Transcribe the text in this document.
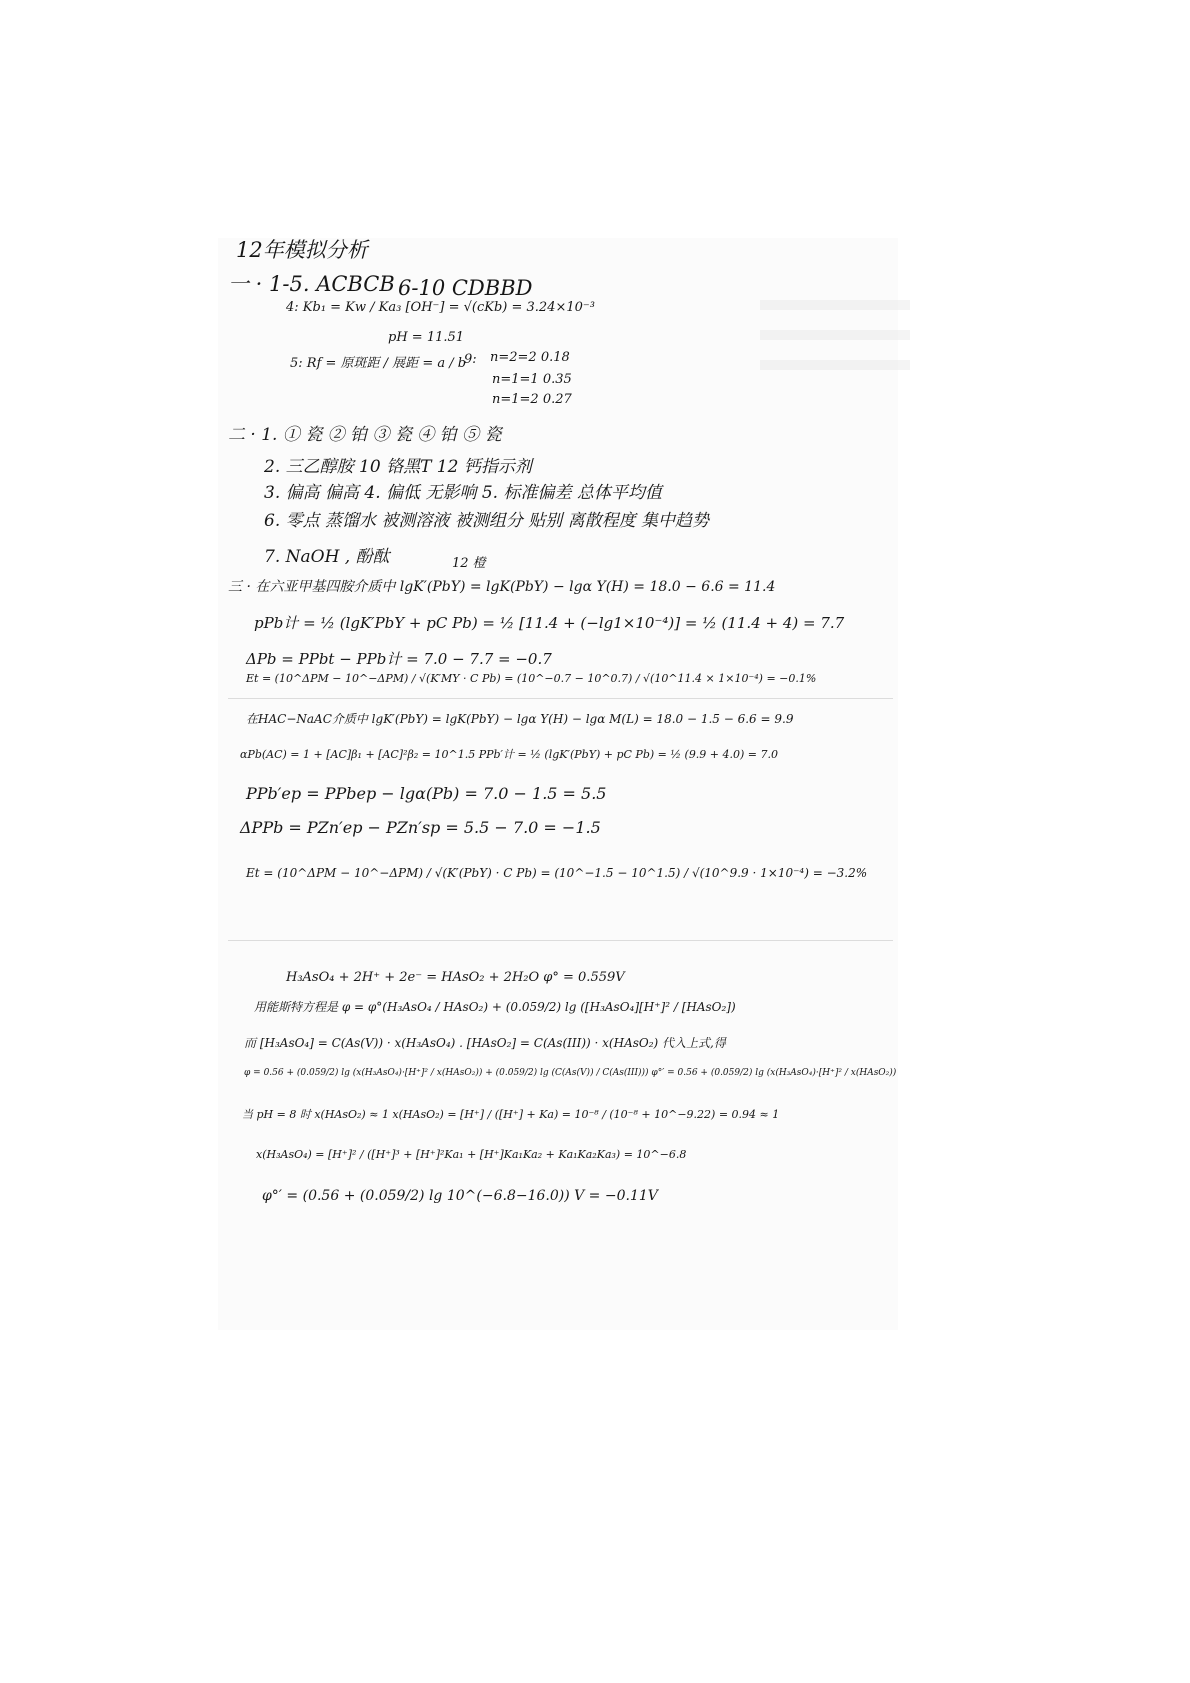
12年模拟分析
一 · 1-5. ACBCB 6-10 CDBBD
4: Kb₁ = Kw / Ka₃ [OH⁻] = √(cKb) = 3.24×10⁻³
pH = 11.51
5: Rf = 原斑距 / 展距 = a / b
9: n=2=2 0.18
n=1=1 0.35
n=1=2 0.27
二 · 1. ① 瓷 ② 铂 ③ 瓷 ④ 铂 ⑤ 瓷
2. 三乙醇胺 10 铬黑T 12 钙指示剂
3. 偏高 偏高 4. 偏低 无影响 5. 标准偏差 总体平均值
6. 零点 蒸馏水 被测溶液 被测组分 贴别 离散程度 集中趋势
7. NaOH , 酚酞	12 橙
三 · 在六亚甲基四胺介质中 lgK′(PbY) = lgK(PbY) − lgα Y(H) = 18.0 − 6.6 = 11.4
pPb计 = ½ (lgK′PbY + pC Pb) = ½ [11.4 + (−lg1×10⁻⁴)] = ½ (11.4 + 4) = 7.7
ΔPb = PPbt − PPb计 = 7.0 − 7.7 = −0.7
Et = (10^ΔPM − 10^−ΔPM) / √(K′MY · C Pb) = (10^−0.7 − 10^0.7) / √(10^11.4 × 1×10⁻⁴) = −0.1%
在HAC−NaAC介质中 lgK′(PbY) = lgK(PbY) − lgα Y(H) − lgα M(L) = 18.0 − 1.5 − 6.6 = 9.9
αPb(AC) = 1 + [AC]β₁ + [AC]²β₂ = 10^1.5 PPb′计 = ½ (lgK′(PbY) + pC Pb) = ½ (9.9 + 4.0) = 7.0
PPb′ep = PPbep − lgα(Pb) = 7.0 − 1.5 = 5.5
ΔPPb = PZn′ep − PZn′sp = 5.5 − 7.0 = −1.5
Et = (10^ΔPM − 10^−ΔPM) / √(K′(PbY) · C Pb) = (10^−1.5 − 10^1.5) / √(10^9.9 · 1×10⁻⁴) = −3.2%
H₃AsO₄ + 2H⁺ + 2e⁻ = HAsO₂ + 2H₂O φ° = 0.559V
用能斯特方程是 φ = φ°(H₃AsO₄ / HAsO₂) + (0.059/2) lg ([H₃AsO₄][H⁺]² / [HAsO₂])
而 [H₃AsO₄] = C(As(V)) · x(H₃AsO₄) . [HAsO₂] = C(As(III)) · x(HAsO₂) 代入上式,得
φ = 0.56 + (0.059/2) lg (x(H₃AsO₄)·[H⁺]² / x(HAsO₂)) + (0.059/2) lg (C(As(V)) / C(As(III))) φ°′ = 0.56 + (0.059/2) lg (x(H₃AsO₄)·[H⁺]² / x(HAsO₂))
当 pH = 8 时 x(HAsO₂) ≈ 1 x(HAsO₂) = [H⁺] / ([H⁺] + Ka) = 10⁻⁸ / (10⁻⁸ + 10^−9.22) = 0.94 ≈ 1
x(H₃AsO₄) = [H⁺]² / ([H⁺]³ + [H⁺]²Ka₁ + [H⁺]Ka₁Ka₂ + Ka₁Ka₂Ka₃) = 10^−6.8
φ°′ = (0.56 + (0.059/2) lg 10^(−6.8−16.0)) V = −0.11V
